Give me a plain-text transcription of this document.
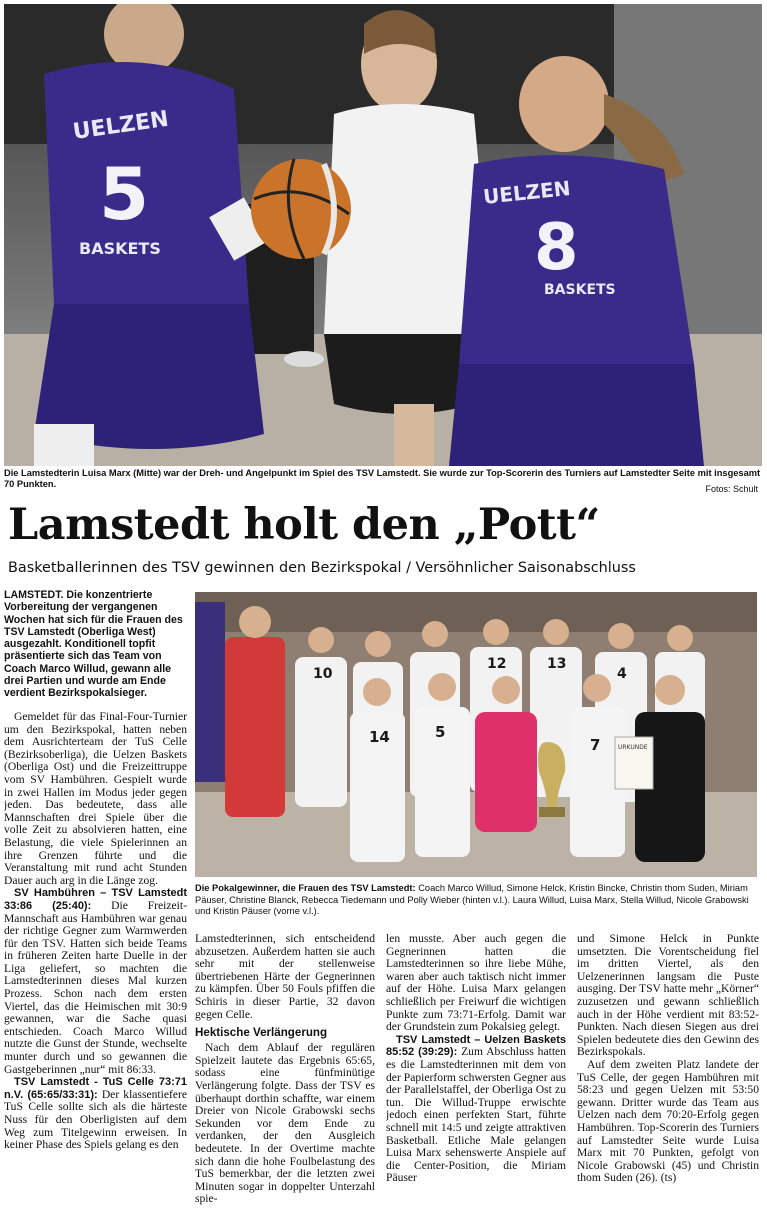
UELZEN
5
BASKETS
UELZEN
8
BASKETS
Die Lamstedterin Luisa Marx (Mitte) war der Dreh- und Angelpunkt im Spiel des TSV Lamstedt. Sie wurde zur Top-Scorerin des Turniers auf Lamstedter Seite mit insgesamt 70 Punkten.	Fotos: Schult
Lamstedt holt den „Pott“
Basketballerinnen des TSV gewinnen den Bezirkspokal / Versöhnlicher Saisonabschluss
LAMSTEDT. Die konzentrierte Vorbereitung der vergangenen Wochen hat sich für die Frauen des TSV Lamstedt (Oberliga West) ausgezahlt. Konditionell topfit präsentierte sich das Team von Coach Marco Willud, gewann alle drei Partien und wurde am Ende verdient Bezirkspokalsieger.

Gemeldet für das Final-Four-Turnier um den Bezirkspokal, hatten neben dem Ausrichterteam der TuS Celle (Bezirksoberliga), die Uelzen Baskets (Oberliga Ost) und die Freizeittruppe vom SV Hambühren. Gespielt wurde in zwei Hallen im Modus jeder gegen jeden. Das bedeutete, dass alle Mannschaften drei Spiele über die volle Zeit zu absolvieren hatten, eine Belastung, die viele Spielerinnen an ihre Grenzen führte und die Veranstaltung mit rund acht Stunden Dauer auch arg in die Länge zog.

SV Hambühren – TSV Lamstedt 33:86 (25:40): Die Freizeit-Mannschaft aus Hambühren war genau der richtige Gegner zum Warmwerden für den TSV. Hatten sich beide Teams in früheren Zeiten harte Duelle in der Liga geliefert, so machten die Lamstedterinnen dieses Mal kurzen Prozess. Schon nach dem ersten Viertel, das die Heimischen mit 30:9 gewannen, war die Sache quasi entschieden. Coach Marco Willud nutzte die Gunst der Stunde, wechselte munter durch und so gewannen die Gastgeberinnen „nur“ mit 86:33.

TSV Lamstedt - TuS Celle 73:71 n.V. (65:65/33:31): Der klassentiefere TuS Celle sollte sich als die härteste Nuss für den Oberligisten auf dem Weg zum Titelgewinn erweisen. In keiner Phase des Spiels gelang es den

10
12	13
4
14	5
7	URKUNDE
Die Pokalgewinner, die Frauen des TSV Lamstedt: Coach Marco Willud, Simone Helck, Kristin Bincke, Christin thom Suden, Miriam Päuser, Christine Blanck, Rebecca Tiedemann und Polly Wieber (hinten v.l.). Laura Willud, Luisa Marx, Stella Willud, Nicole Grabowski und Kristin Päuser (vorne v.l.).

Lamstedterinnen, sich entscheidend abzusetzen. Außerdem hatten sie auch sehr mit der stellenweise übertriebenen Härte der Gegnerinnen zu kämpfen. Über 50 Fouls pfiffen die Schiris in dieser Partie, 32 davon gegen Celle.

Hektische Verlängerung

Nach dem Ablauf der regulären Spielzeit lautete das Ergebnis 65:65, sodass eine fünfminütige Verlängerung folgte. Dass der TSV es überhaupt dorthin schaffte, war einem Dreier von Nicole Grabowski sechs Sekunden vor dem Ende zu verdanken, der den Ausgleich bedeutete. In der Overtime machte sich dann die hohe Foulbelastung des TuS bemerkbar, der die letzten zwei Minuten sogar in doppelter Unterzahl spie-

len musste. Aber auch gegen die Gegnerinnen hatten die Lamstedterinnen so ihre liebe Mühe, waren aber auch taktisch nicht immer auf der Höhe. Luisa Marx gelangen schließlich per Freiwurf die wichtigen Punkte zum 73:71-Erfolg. Damit war der Grundstein zum Pokalsieg gelegt.

TSV Lamstedt – Uelzen Baskets 85:52 (39:29): Zum Abschluss hatten es die Lamstedterinnen mit dem von der Papierform schwersten Gegner aus der Parallelstaffel, der Oberliga Ost zu tun. Die Willud-Truppe erwischte jedoch einen perfekten Start, führte schnell mit 14:5 und zeigte attraktiven Basketball. Etliche Male gelangen Luisa Marx sehenswerte Anspiele auf die Center-Position, die Miriam Päuser

und Simone Helck in Punkte umsetzten. Die Vorentscheidung fiel im dritten Viertel, als den Uelzenerinnen langsam die Puste ausging. Der TSV hatte mehr „Körner“ zuzusetzen und gewann schließlich auch in der Höhe verdient mit 83:52-Punkten. Nach diesen Siegen aus drei Spielen bedeutete dies den Gewinn des Bezirkspokals.

Auf dem zweiten Platz landete der TuS Celle, der gegen Hambühren mit 58:23 und gegen Uelzen mit 53:50 gewann. Dritter wurde das Team aus Uelzen nach dem 70:20-Erfolg gegen Hambühren. Top-Scorerin des Turniers auf Lamstedter Seite wurde Luisa Marx mit 70 Punkten, gefolgt von Nicole Grabowski (45) und Christin thom Suden (26). (ts)
